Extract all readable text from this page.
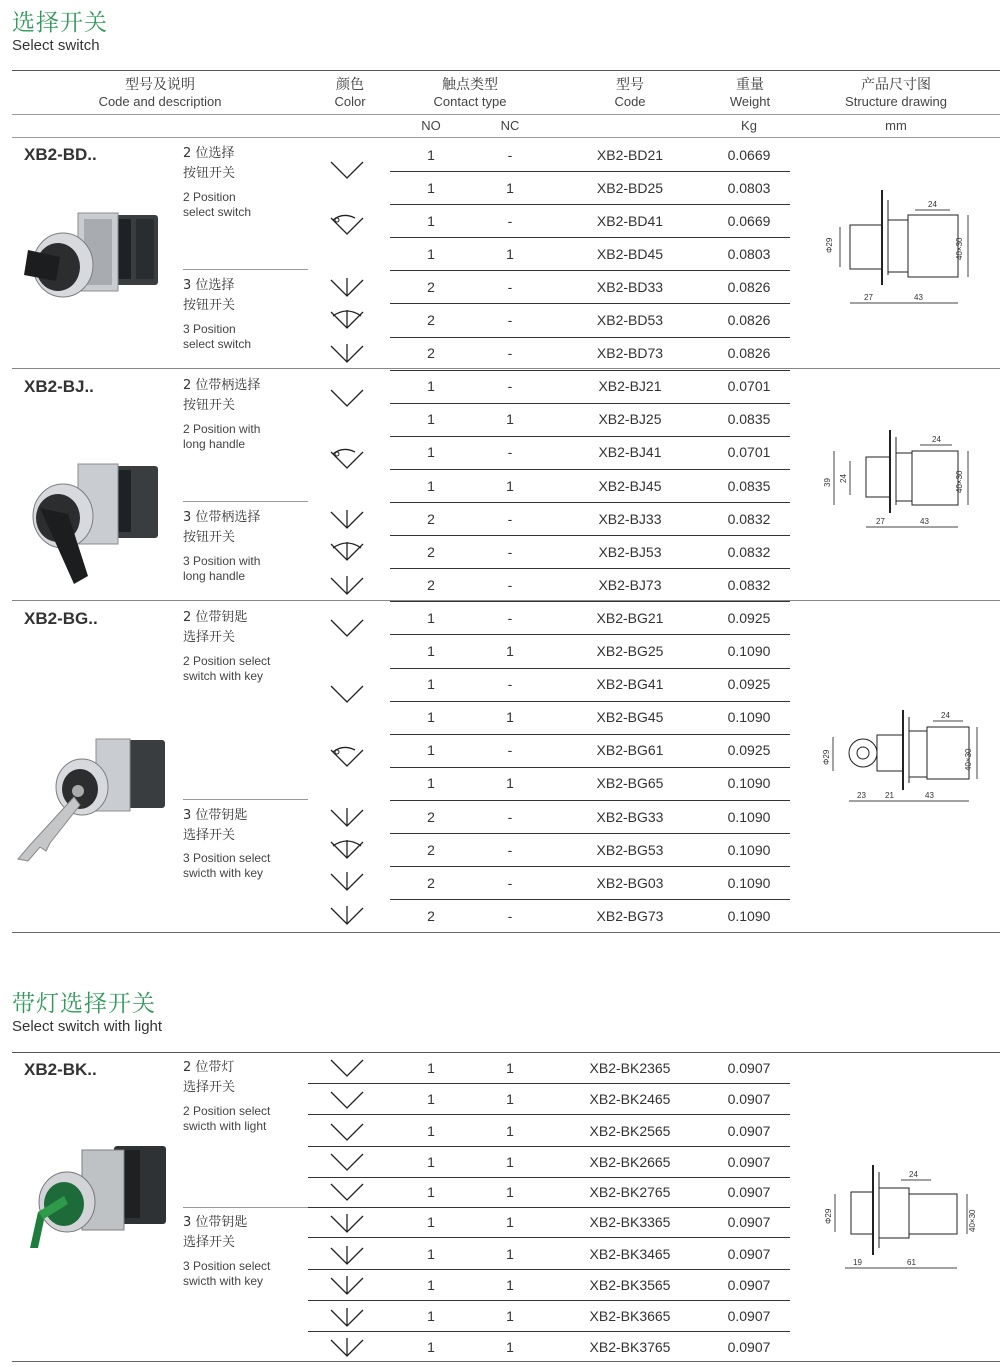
选择开关
Select switch
型号及说明
Code and description
颜色
Color
触点类型
Contact type
型号
Code
重量
Weight
产品尺寸图
Structure drawing
NO	NC	Kg	mm
1	-	XB2-BD21	0.0669
1	1	XB2-BD25	0.0803
1	-	XB2-BD41	0.0669
1	1	XB2-BD45	0.0803
2	-	XB2-BD33	0.0826
2	-	XB2-BD53	0.0826
2	-	XB2-BD73	0.0826
1	-	XB2-BJ21	0.0701
1	1	XB2-BJ25	0.0835
1	-	XB2-BJ41	0.0701
1	1	XB2-BJ45	0.0835
2	-	XB2-BJ33	0.0832
2	-	XB2-BJ53	0.0832
2	-	XB2-BJ73	0.0832
1	-	XB2-BG21	0.0925
1	1	XB2-BG25	0.1090
1	-	XB2-BG41	0.0925
1	1	XB2-BG45	0.1090
1	-	XB2-BG61	0.0925
1	1	XB2-BG65	0.1090
2	-	XB2-BG33	0.1090
2	-	XB2-BG53	0.1090
2	-	XB2-BG03	0.1090
2	-	XB2-BG73	0.1090
XB2-BD..	2 位选择
按钮开关
2 Position
select switch
3 位选择
按钮开关
3 Position
select switch
Φ29	40×30
24
27	43
XB2-BJ..	2 位带柄选择
按钮开关
2 Position with
long handle
3 位带柄选择
按钮开关
3 Position with
long handle
39 24	40×30
24
27	43
XB2-BG..	2 位带钥匙
选择开关
2 Position select
switch with key
3 位带钥匙
选择开关
3 Position select
swicth with key
Φ29	40×30
24
23 21	43
带灯选择开关
Select switch with light
1	1	XB2-BK2365	0.0907
1	1	XB2-BK2465	0.0907
1	1	XB2-BK2565	0.0907
1	1	XB2-BK2665	0.0907
1	1	XB2-BK2765	0.0907
1	1	XB2-BK3365	0.0907
1	1	XB2-BK3465	0.0907
1	1	XB2-BK3565	0.0907
1	1	XB2-BK3665	0.0907
1	1	XB2-BK3765	0.0907
XB2-BK..	2 位带灯
选择开关
2 Position select
swicth with light
3 位带钥匙
选择开关
3 Position select
swicth with key
Φ29	40×30
24
19	61
